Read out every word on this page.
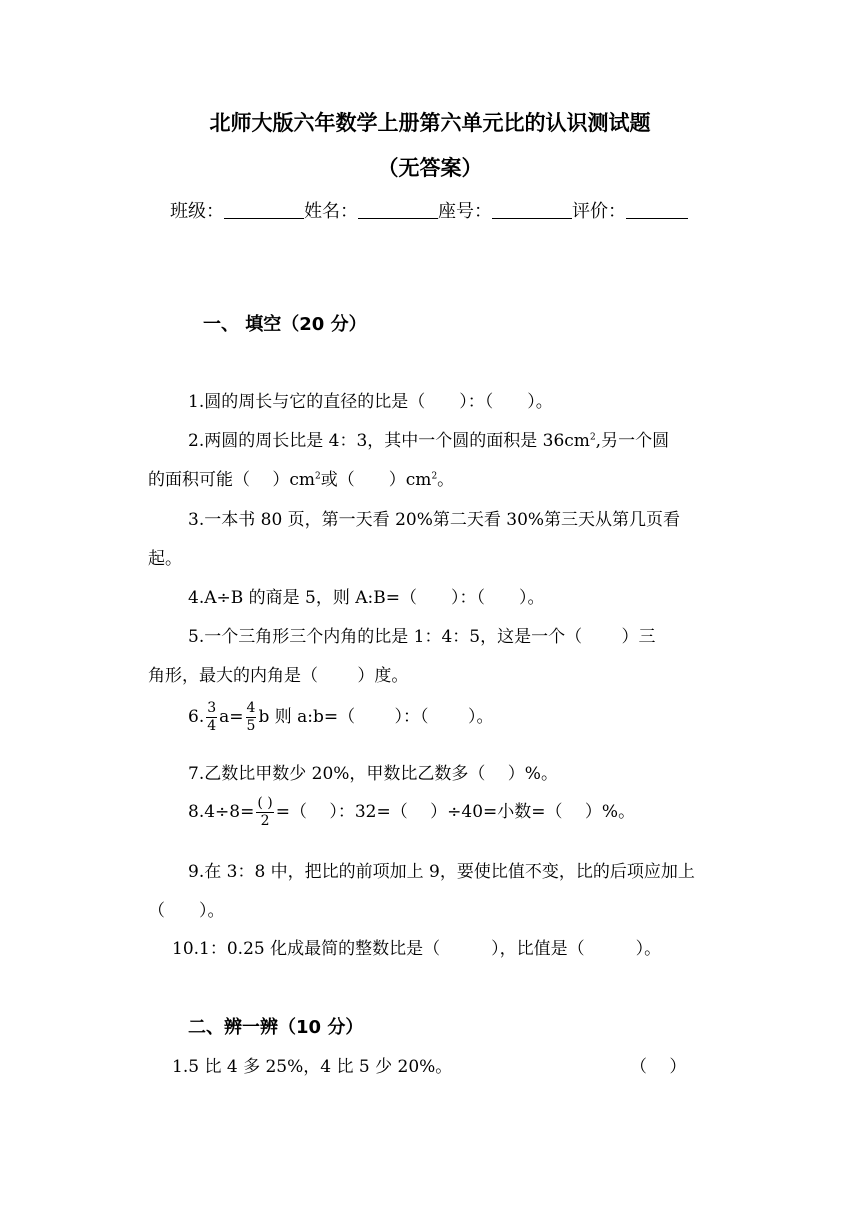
北师大版六年数学上册第六单元比的认识测试题
（无答案）
班级：	姓名：	座号：	评价：
一、 填空（20 分）
1.圆的周长与它的直径的比是（　　）：（　　）。
2.两圆的周长比是 4：3，其中一个圆的面积是 $36cm^2$,另一个圆
的面积可能（　 ）$cm^2$或（　　）$cm^2$。
3.一本书 80 页，第一天看 20%第二天看 30%第三天从第几页看
起。
4.A÷B 的商是 5，则 A:B=（　　）：（　　）。
5.一个三角形三个内角的比是 1：4：5，这是一个（　　 ）三
角形，最大的内角是（　　 ）度。
6. $\frac{3}{4} a= \frac{4}{5}$ b 则 a:b=（　　 ）：（　　 ）。
7.乙数比甲数少 20%，甲数比乙数多（　 ）%。
$8.4\div 8= \frac{( )}{2}$ =（　 ）：32=（　 ）÷40=小数=（　 ）%。
9.在 3：8 中，把比的前项加上 9，要使比值不变，比的后项应加上
（　　）。
10.1：0.25 化成最简的整数比是（　　　），比值是（　　　）。
二、辨一辨（10 分）
1.5 比 4 多 25%，4 比 5 少 20%。	（　 ）
